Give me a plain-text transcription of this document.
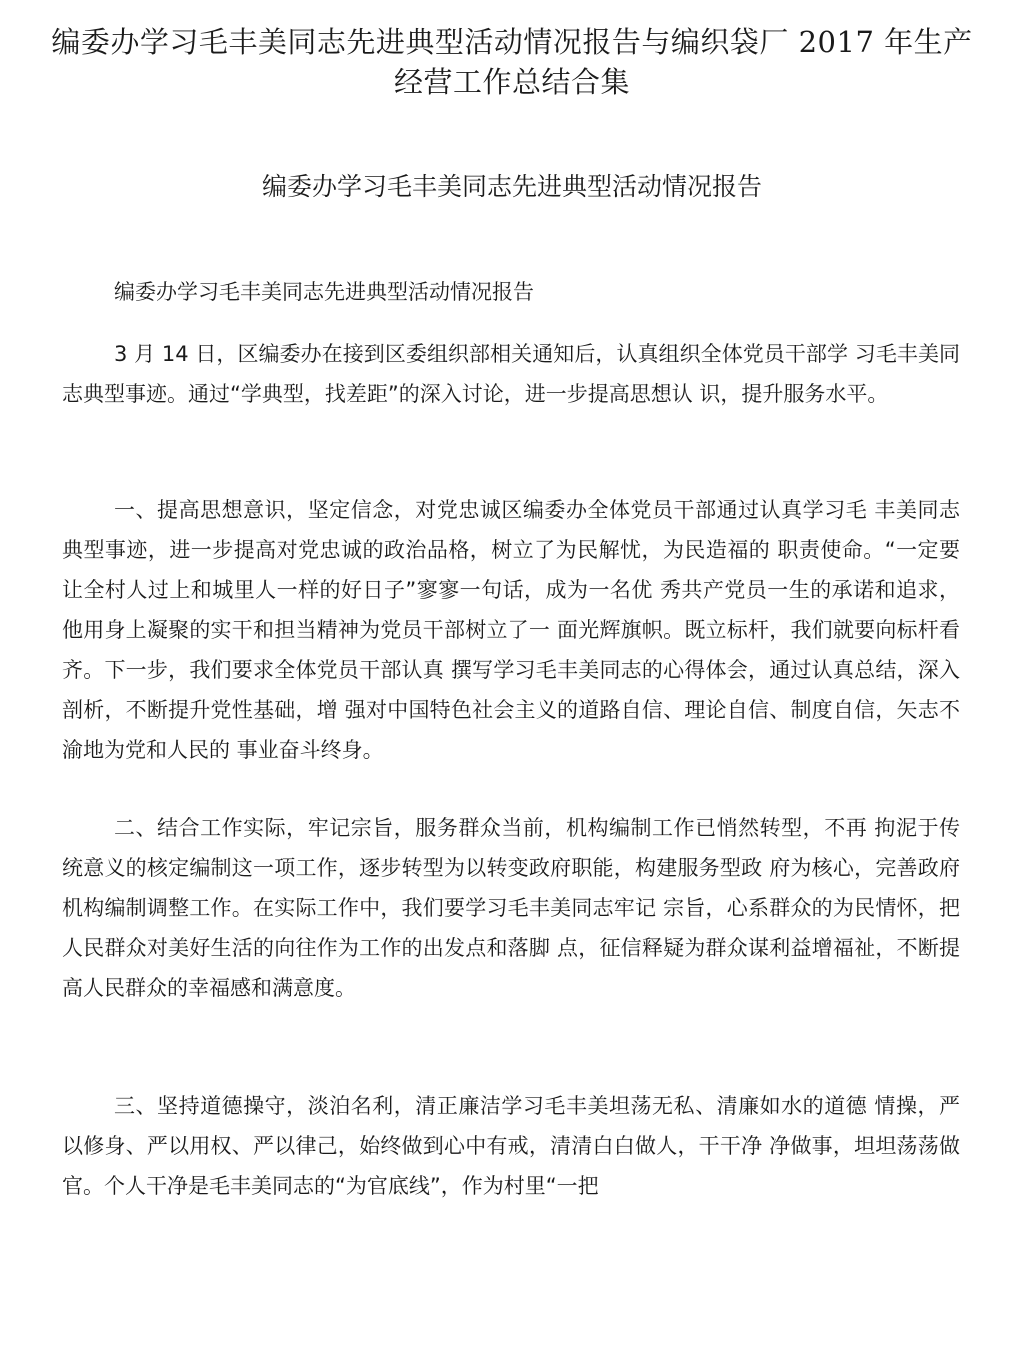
编委办学习毛丰美同志先进典型活动情况报告与编织袋厂 2017 年生产经营工作总结合集
编委办学习毛丰美同志先进典型活动情况报告

编委办学习毛丰美同志先进典型活动情况报告

3 月 14 日，区编委办在接到区委组织部相关通知后，认真组织全体党员干部学 习毛丰美同志典型事迹。通过“学典型，找差距”的深入讨论，进一步提高思想认 识，提升服务水平。

一、提高思想意识，坚定信念，对党忠诚区编委办全体党员干部通过认真学习毛 丰美同志典型事迹，进一步提高对党忠诚的政治品格，树立了为民解忧，为民造福的 职责使命。“一定要让全村人过上和城里人一样的好日子”寥寥一句话，成为一名优 秀共产党员一生的承诺和追求，他用身上凝聚的实干和担当精神为党员干部树立了一 面光辉旗帜。既立标杆，我们就要向标杆看齐。下一步，我们要求全体党员干部认真 撰写学习毛丰美同志的心得体会，通过认真总结，深入剖析，不断提升党性基础，增 强对中国特色社会主义的道路自信、理论自信、制度自信，矢志不渝地为党和人民的 事业奋斗终身。

二、结合工作实际，牢记宗旨，服务群众当前，机构编制工作已悄然转型，不再 拘泥于传统意义的核定编制这一项工作，逐步转型为以转变政府职能，构建服务型政 府为核心，完善政府机构编制调整工作。在实际工作中，我们要学习毛丰美同志牢记 宗旨，心系群众的为民情怀，把人民群众对美好生活的向往作为工作的出发点和落脚 点，征信释疑为群众谋利益增福祉，不断提高人民群众的幸福感和满意度。

三、坚持道德操守，淡泊名利，清正廉洁学习毛丰美坦荡无私、清廉如水的道德 情操，严以修身、严以用权、严以律己，始终做到心中有戒，清清白白做人，干干净 净做事，坦坦荡荡做官。个人干净是毛丰美同志的“为官底线”，作为村里“一把
